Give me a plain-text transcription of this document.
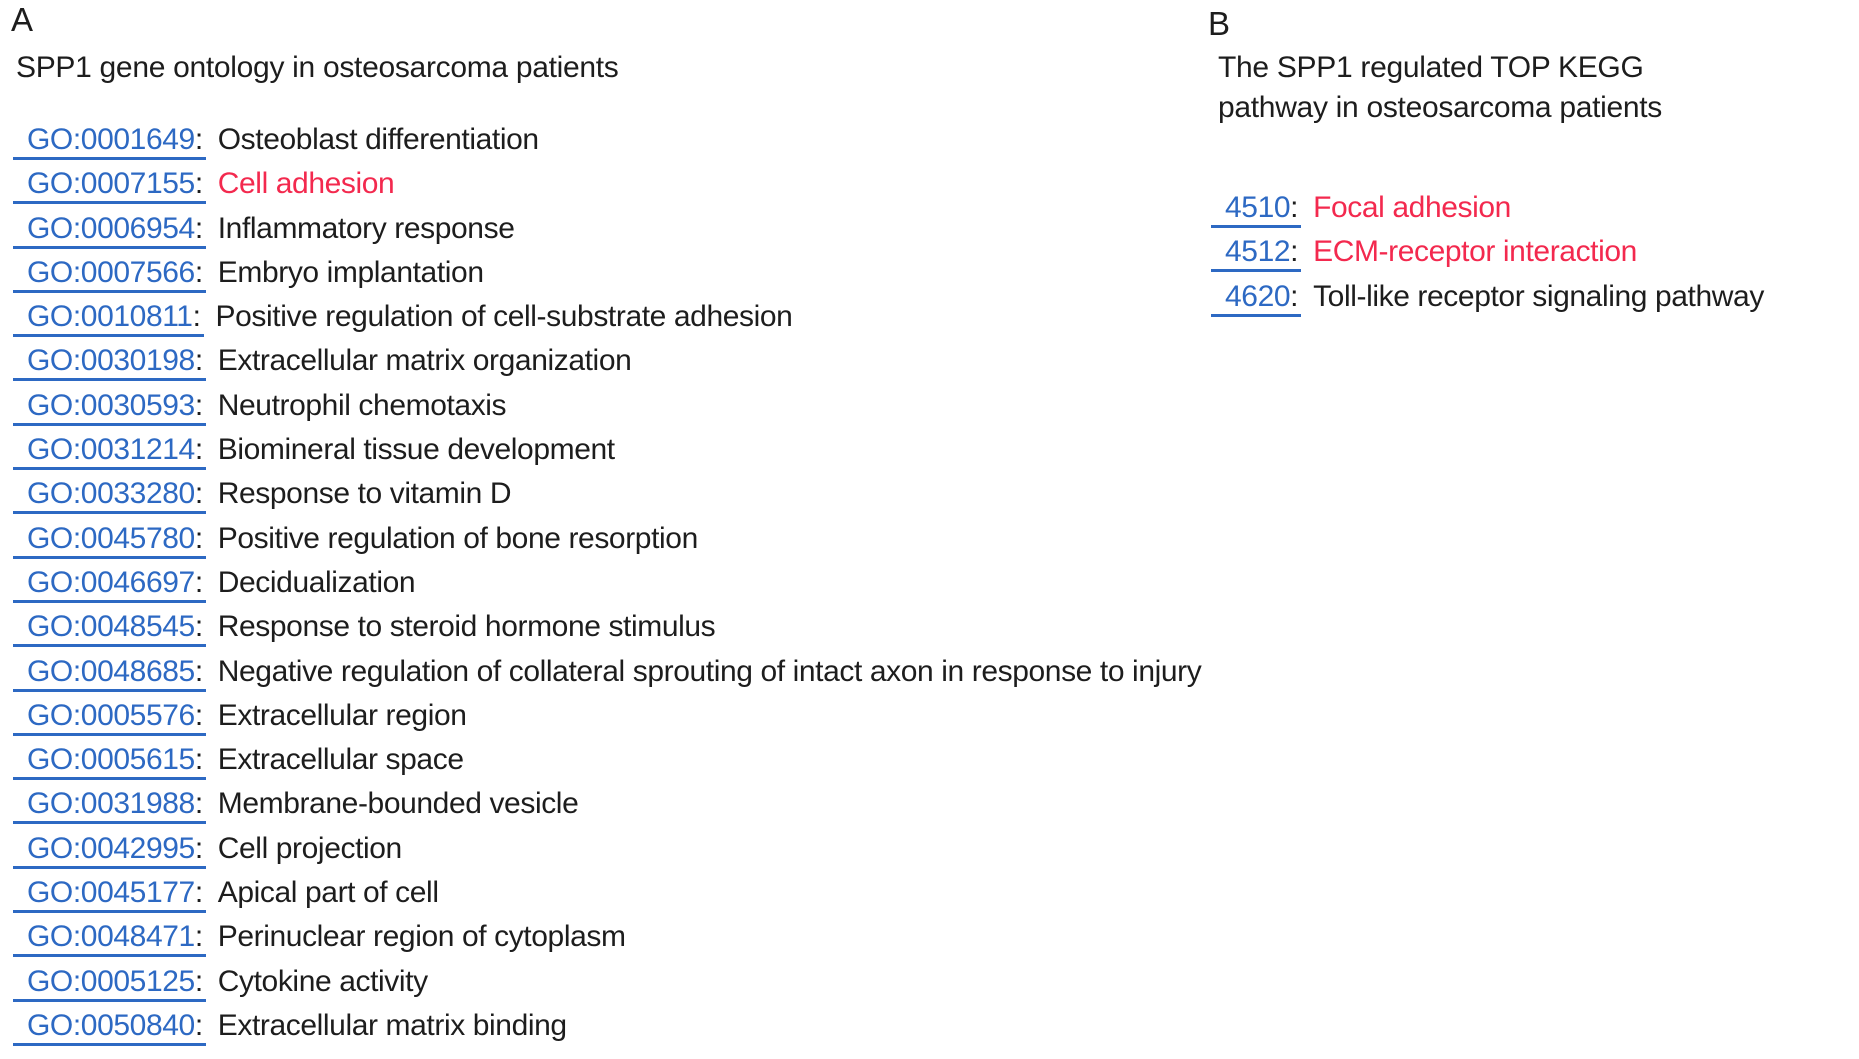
A
SPP1 gene ontology in osteosarcoma patients
GO:0001649: Osteoblast differentiation
GO:0007155: Cell adhesion
GO:0006954: Inflammatory response
GO:0007566: Embryo implantation
GO:0010811: Positive regulation of cell-substrate adhesion
GO:0030198: Extracellular matrix organization
GO:0030593: Neutrophil chemotaxis
GO:0031214: Biomineral tissue development
GO:0033280: Response to vitamin D
GO:0045780: Positive regulation of bone resorption
GO:0046697: Decidualization
GO:0048545: Response to steroid hormone stimulus
GO:0048685: Negative regulation of collateral sprouting of intact axon in response to injury
GO:0005576: Extracellular region
GO:0005615: Extracellular space
GO:0031988: Membrane-bounded vesicle
GO:0042995: Cell projection
GO:0045177: Apical part of cell
GO:0048471: Perinuclear region of cytoplasm
GO:0005125: Cytokine activity
GO:0050840: Extracellular matrix binding
B
The SPP1 regulated TOP KEGG
pathway in osteosarcoma patients
4510: Focal adhesion
4512: ECM-receptor interaction
4620: Toll-like receptor signaling pathway
